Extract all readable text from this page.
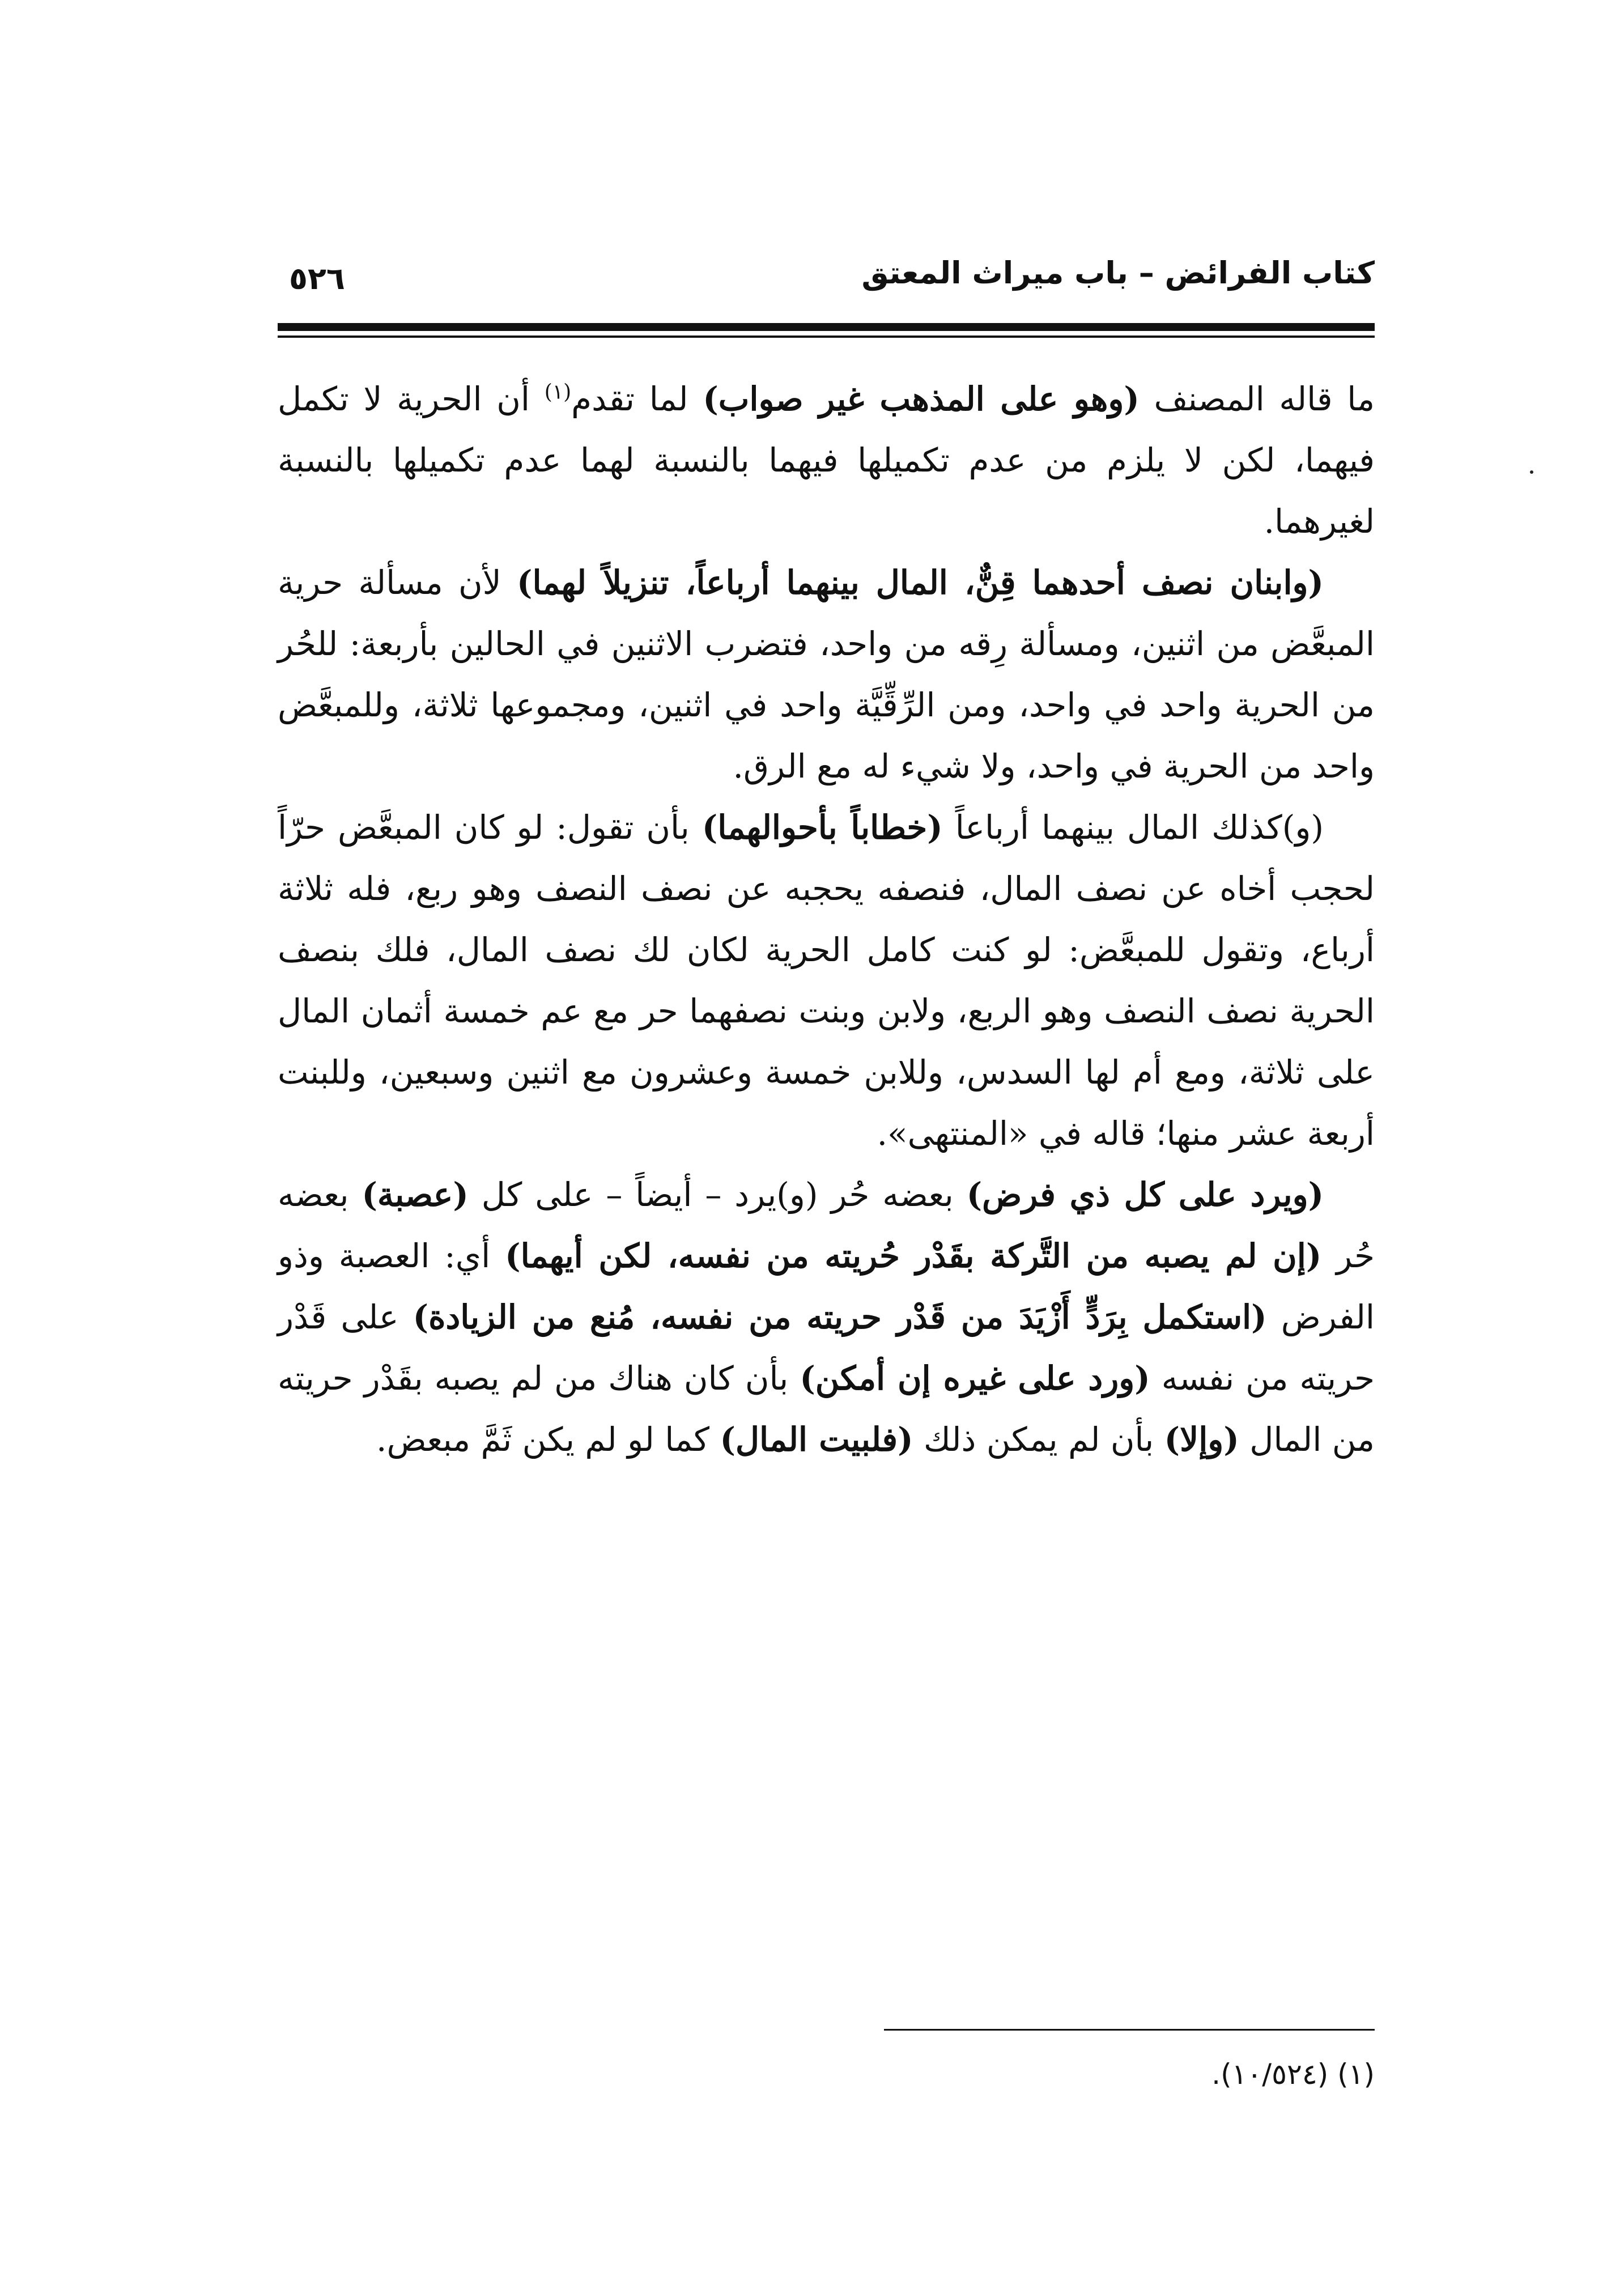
كتاب الفرائض – باب ميراث المعتق
٥٢٦

ما قاله المصنف (وهو على المذهب غير صواب) لما تقدم$^{(١)}$ أن الحرية لا تكمل فيهما، لكن لا يلزم من عدم تكميلها فيهما بالنسبة لهما عدم تكميلها بالنسبة لغيرهما.

(وابنان نصف أحدهما قِنٌّ، المال بينهما أرباعاً، تنزيلاً لهما) لأن مسألة حرية المبعَّض من اثنين، ومسألة رِقه من واحد، فتضرب الاثنين في الحالين بأربعة: للحُر من الحرية واحد في واحد، ومن الرِّقِّيَّة واحد في اثنين، ومجموعها ثلاثة، وللمبعَّض واحد من الحرية في واحد، ولا شيء له مع الرق.

(و)كذلك المال بينهما أرباعاً (خطاباً بأحوالهما) بأن تقول: لو كان المبعَّض حرّاً لحجب أخاه عن نصف المال، فنصفه يحجبه عن نصف النصف وهو ربع، فله ثلاثة أرباع، وتقول للمبعَّض: لو كنت كامل الحرية لكان لك نصف المال، فلك بنصف الحرية نصف النصف وهو الربع، ولابن وبنت نصفهما حر مع عم خمسة أثمان المال على ثلاثة، ومع أم لها السدس، وللابن خمسة وعشرون مع اثنين وسبعين، وللبنت أربعة عشر منها؛ قاله في «المنتهى».

(ويرد على كل ذي فرض) بعضه حُر (و)يرد – أيضاً – على كل (عصبة) بعضه حُر (إن لم يصبه من التَّركة بقَدْر حُريته من نفسه، لكن أيهما) أي: العصبة وذو الفرض (استكمل بِرَدٍّ أَزْيَدَ من قَدْر حريته من نفسه، مُنع من الزيادة) على قَدْر حريته من نفسه (ورد على غيره إن أمكن) بأن كان هناك من لم يصبه بقَدْر حريته من المال (وإلا) بأن لم يمكن ذلك (فلبيت المال) كما لو لم يكن ثَمَّ مبعض.

(١) (١٠/٥٢٤).
